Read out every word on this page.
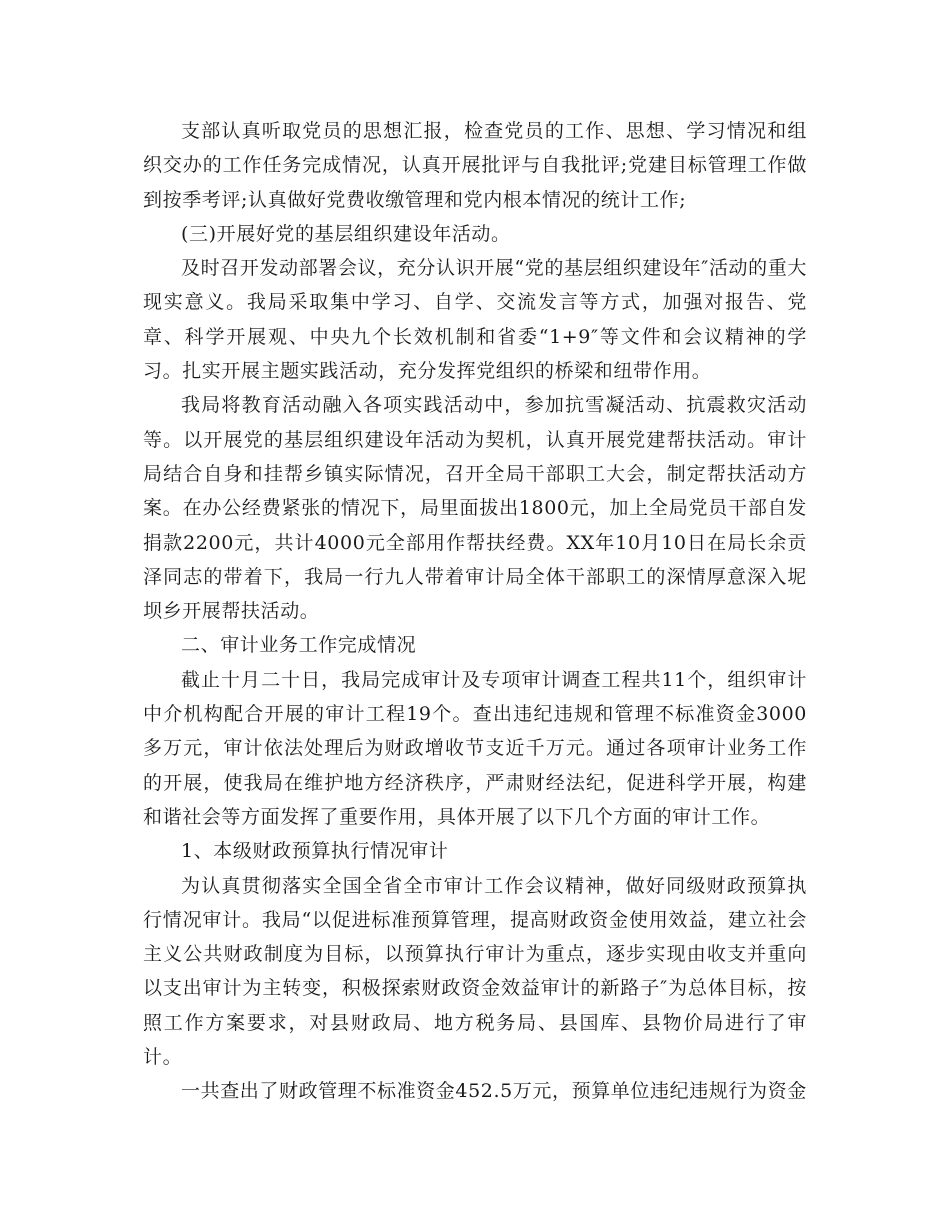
支部认真听取党员的思想汇报，检查党员的工作、思想、学习情况和组织交办的工作任务完成情况，认真开展批评与自我批评;党建目标管理工作做到按季考评;认真做好党费收缴管理和党内根本情况的统计工作;

(三)开展好党的基层组织建设年活动。

及时召开发动部署会议，充分认识开展“党的基层组织建设年″活动的重大现实意义。我局采取集中学习、自学、交流发言等方式，加强对报告、党章、科学开展观、中央九个长效机制和省委“1+9″等文件和会议精神的学习。扎实开展主题实践活动，充分发挥党组织的桥梁和纽带作用。

我局将教育活动融入各项实践活动中，参加抗雪凝活动、抗震救灾活动等。以开展党的基层组织建设年活动为契机，认真开展党建帮扶活动。审计局结合自身和挂帮乡镇实际情况，召开全局干部职工大会，制定帮扶活动方案。在办公经费紧张的情况下，局里面拔出1800元，加上全局党员干部自发捐款2200元，共计4000元全部用作帮扶经费。XX年10月10日在局长余贡泽同志的带着下，我局一行九人带着审计局全体干部职工的深情厚意深入坭坝乡开展帮扶活动。

二、审计业务工作完成情况

截止十月二十日，我局完成审计及专项审计调查工程共11个，组织审计中介机构配合开展的审计工程19个。查出违纪违规和管理不标准资金3000多万元，审计依法处理后为财政增收节支近千万元。通过各项审计业务工作的开展，使我局在维护地方经济秩序，严肃财经法纪，促进科学开展，构建和谐社会等方面发挥了重要作用，具体开展了以下几个方面的审计工作。

1、本级财政预算执行情况审计

为认真贯彻落实全国全省全市审计工作会议精神，做好同级财政预算执行情况审计。我局“以促进标准预算管理，提高财政资金使用效益，建立社会主义公共财政制度为目标，以预算执行审计为重点，逐步实现由收支并重向以支出审计为主转变，积极探索财政资金效益审计的新路子″为总体目标，按照工作方案要求，对县财政局、地方税务局、县国库、县物价局进行了审计。

一共查出了财政管理不标准资金452.5万元，预算单位违纪违规行为资金
